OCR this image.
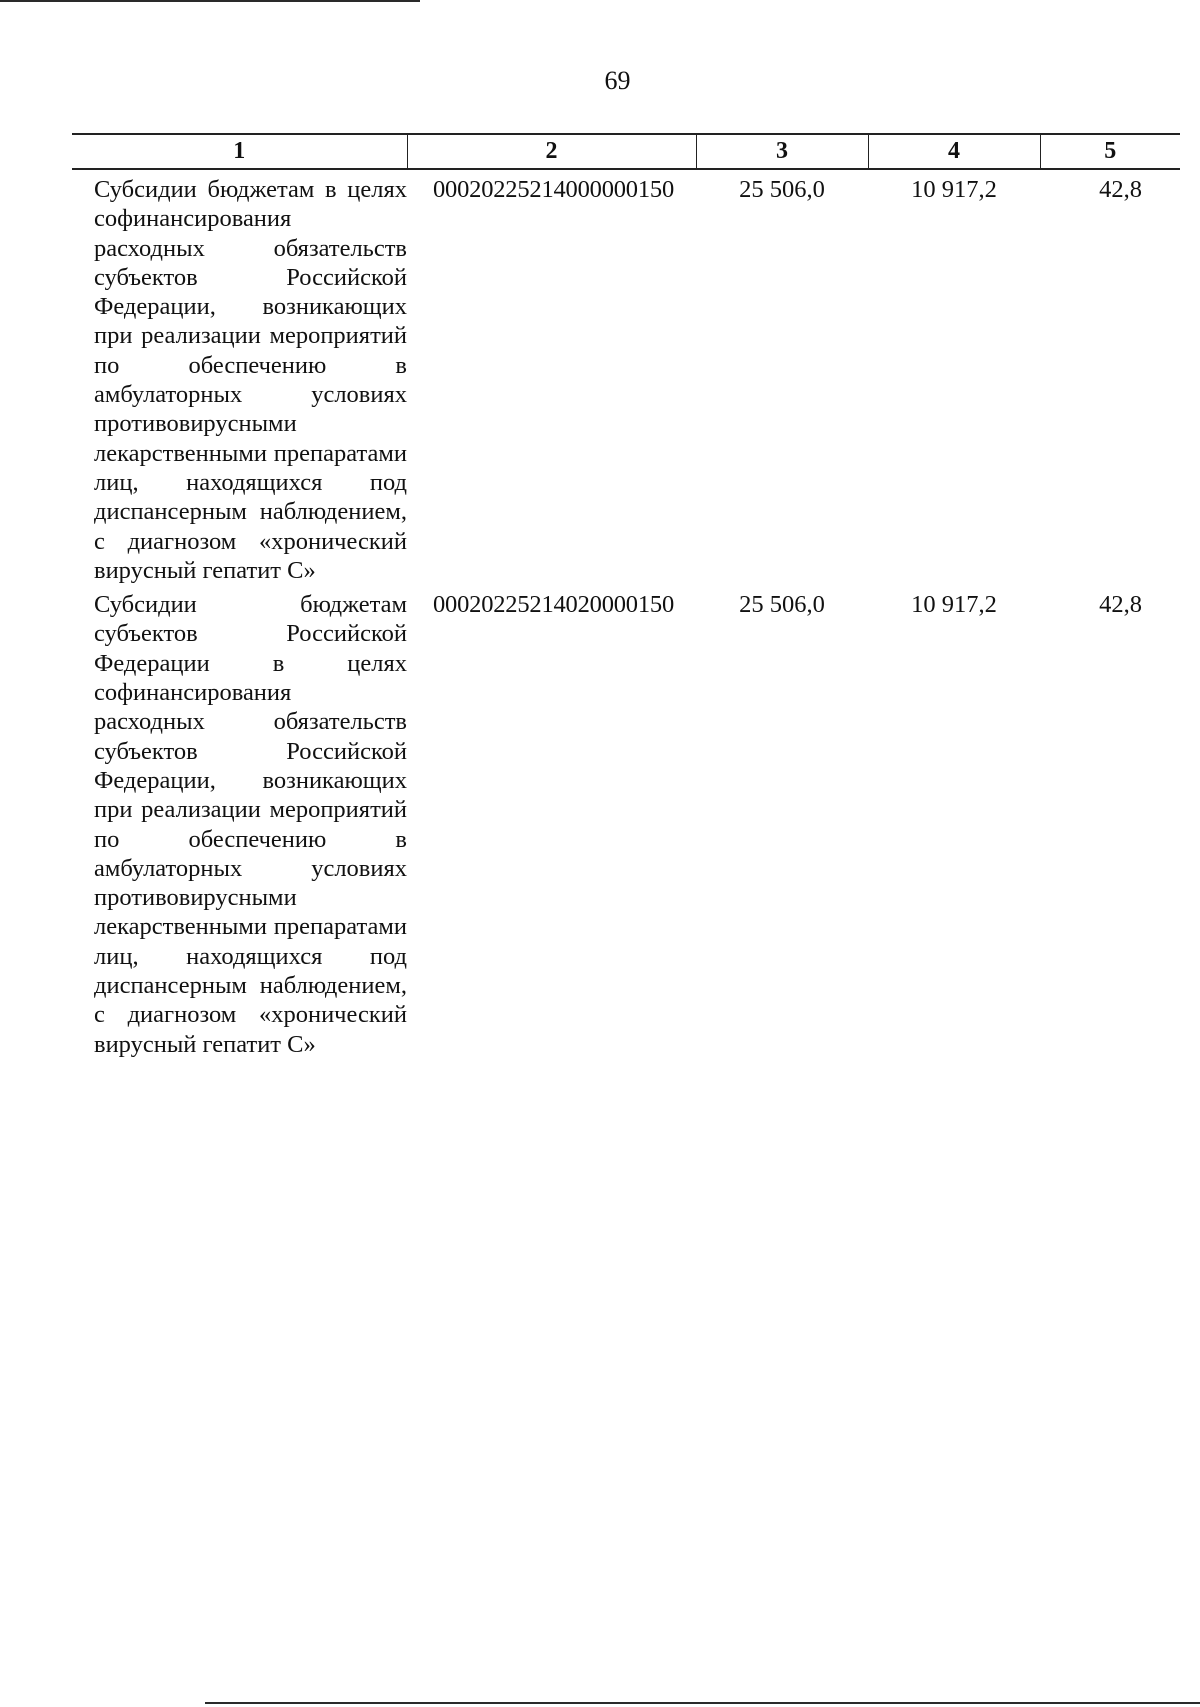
69
1	2	3	4	5
Субсидии бюджетам в целях софинансирования расходных обязательств субъектов Российской Федерации, возникающих при реализации мероприятий по обеспечению в амбулаторных условиях противовирусными лекарственными препаратами лиц, находящихся под диспансерным наблюдением, с диагнозом «хронический вирусный гепатит С»	00020225214000000150	25 506,0	10 917,2	42,8
Субсидии бюджетам субъектов Российской Федерации в целях софинансирования расходных обязательств субъектов Российской Федерации, возникающих при реализации мероприятий по обеспечению в амбулаторных условиях противовирусными лекарственными препаратами лиц, находящихся под диспансерным наблюдением, с диагнозом «хронический вирусный гепатит С»	00020225214020000150	25 506,0	10 917,2	42,8
